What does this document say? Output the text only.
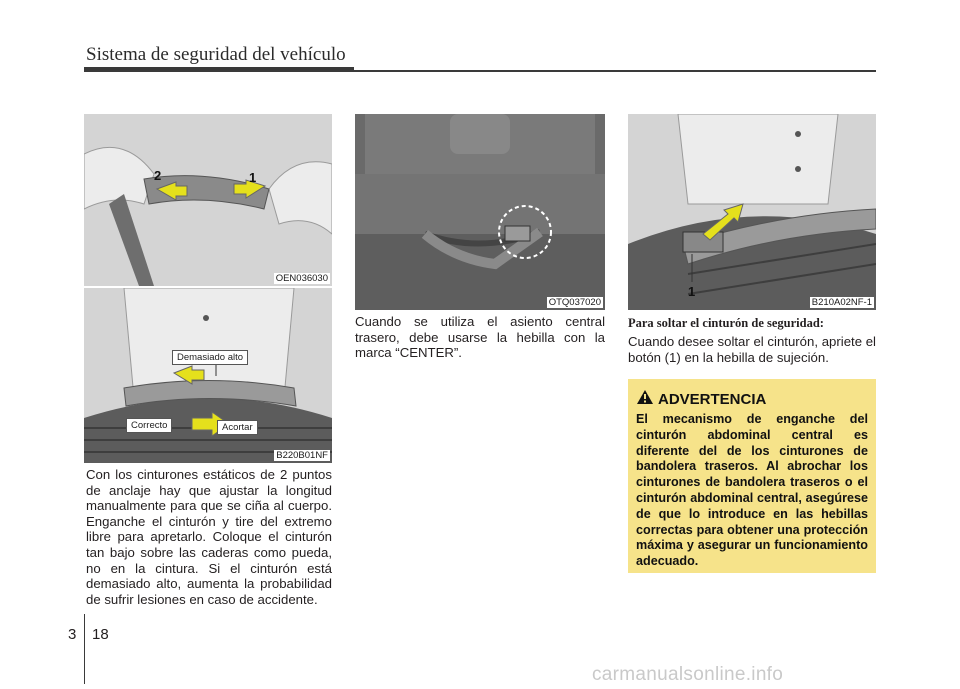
Sistema de seguridad del vehículo
2	1
OEN036030
Demasiado alto
Correcto	Acortar
B220B01NF
OTQ037020
1
B210A02NF-1
Con los cinturones estáticos de 2 puntos de anclaje hay que ajustar la longitud manualmente para que se ciña al cuerpo. Enganche el cinturón y tire del extremo libre para apretarlo. Coloque el cinturón tan bajo sobre las caderas como pueda, no en la cintura. Si el cinturón está demasiado alto, aumenta la probabilidad de sufrir lesiones en caso de accidente.
Cuando se utiliza el asiento central trasero, debe usarse la hebilla con la marca “CENTER”.
Para soltar el cinturón de seguridad:
Cuando desee soltar el cinturón, apriete el botón (1) en la hebilla de sujeción.
ADVERTENCIA
El mecanismo de enganche del cinturón abdominal central es diferente del de los cinturones de bandolera traseros. Al abrochar los cinturones de bandolera traseros o el cinturón abdominal central, asegúrese de que lo introduce en las hebillas correctas para obtener una protección máxima y asegurar un funcionamiento adecuado.
3 18
carmanualsonline.info
